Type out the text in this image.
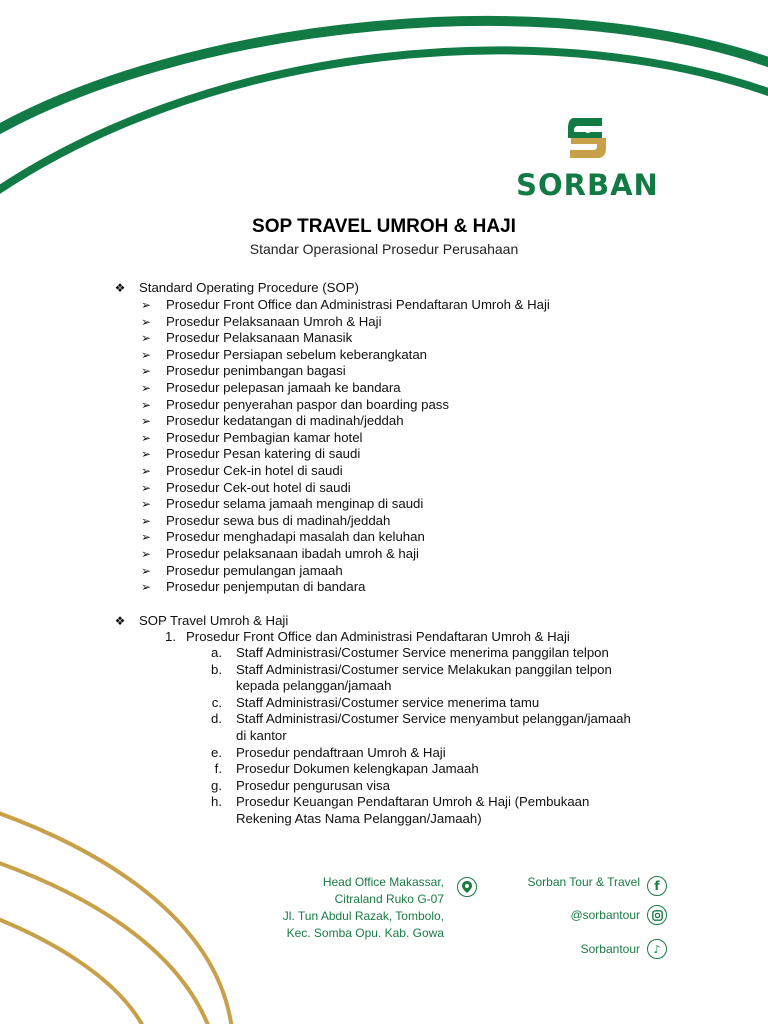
SORBAN
SOP TRAVEL UMROH & HAJI
Standar Operasional Prosedur Perusahaan
❖ Standard Operating Procedure (SOP)
➢ Prosedur Front Office dan Administrasi Pendaftaran Umroh & Haji
➢ Prosedur Pelaksanaan Umroh & Haji
➢ Prosedur Pelaksanaan Manasik
➢ Prosedur Persiapan sebelum keberangkatan
➢ Prosedur penimbangan bagasi
➢ Prosedur pelepasan jamaah ke bandara
➢ Prosedur penyerahan paspor dan boarding pass
➢ Prosedur kedatangan di madinah/jeddah
➢ Prosedur Pembagian kamar hotel
➢ Prosedur Pesan katering di saudi
➢ Prosedur Cek-in hotel di saudi
➢ Prosedur Cek-out hotel di saudi
➢ Prosedur selama jamaah menginap di saudi
➢ Prosedur sewa bus di madinah/jeddah
➢ Prosedur menghadapi masalah dan keluhan
➢ Prosedur pelaksanaan ibadah umroh & haji
➢ Prosedur pemulangan jamaah
➢ Prosedur penjemputan di bandara
❖ SOP Travel Umroh & Haji
1. Prosedur Front Office dan Administrasi Pendaftaran Umroh & Haji
a. Staff Administrasi/Costumer Service menerima panggilan telpon
b. Staff Administrasi/Costumer service Melakukan panggilan telpon
kepada pelanggan/jamaah
c. Staff Administrasi/Costumer service menerima tamu
d. Staff Administrasi/Costumer Service menyambut pelanggan/jamaah
di kantor
e. Prosedur pendaftraan Umroh & Haji
f. Prosedur Dokumen kelengkapan Jamaah
g. Prosedur pengurusan visa
h. Prosedur Keuangan Pendaftaran Umroh & Haji (Pembukaan
Rekening Atas Nama Pelanggan/Jamaah)
Head Office Makassar,
Citraland Ruko G-07
Jl. Tun Abdul Razak, Tombolo,
Kec. Somba Opu. Kab. Gowa
Sorban Tour & Travel f
@sorbantour
Sorbantour ♪
